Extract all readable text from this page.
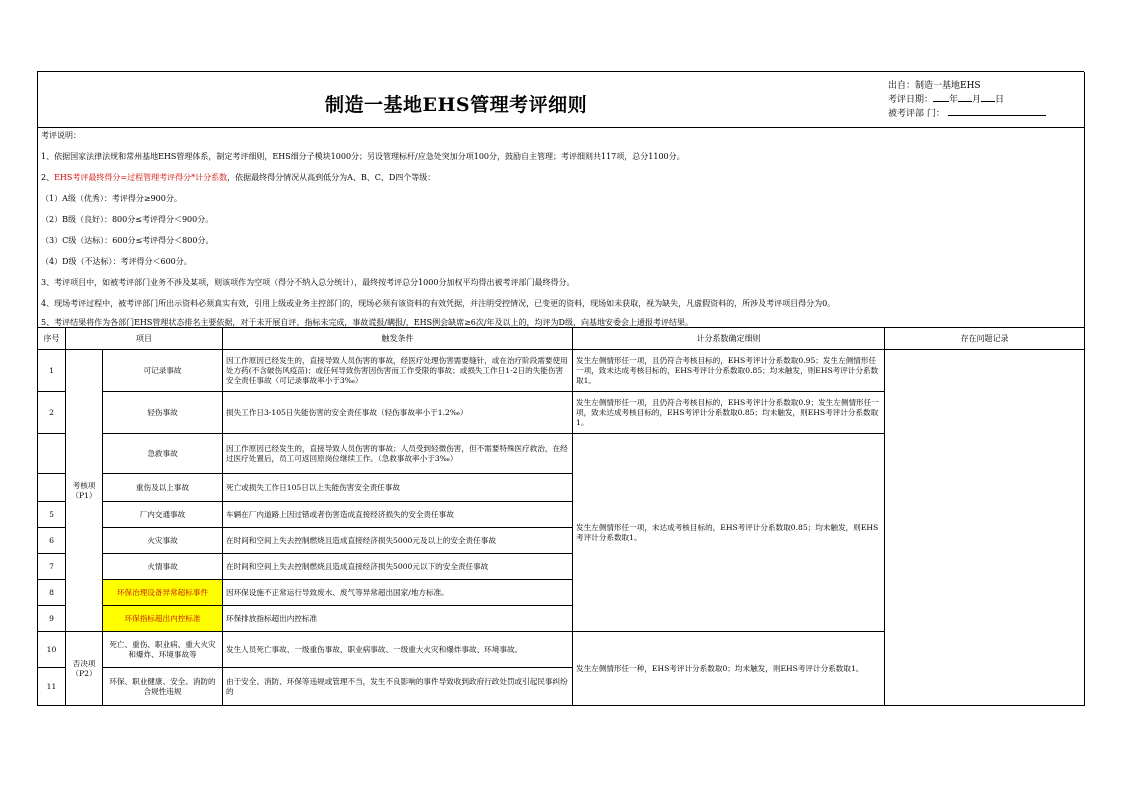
制造一基地EHS管理考评细则
出自：制造一基地EHS
考评日期： 年 月 日
被考评部 门：
考评说明：
1、依据国家法律法规和常州基地EHS管理体系，制定考评细则，EHS细分子模块1000分；另设管理标杆/应急处突加分项100分，鼓励自主管理；考评细则共117项，总分1100分。
2、EHS考评最终得分=过程管理考评得分*计分系数，依据最终得分情况从高到低分为A、B、C、D四个等级：
（1）A级（优秀）：考评得分≥900分。
（2）B级（良好）：800分≤考评得分＜900分。
（3）C级（达标）：600分≤考评得分＜800分。
（4）D级（不达标）：考评得分＜600分。
3、考评项目中，如被考评部门业务不涉及某项，则该项作为空项（得分不纳入总分统计），最终按考评总分1000分加权平均得出被考评部门最终得分。
4、现场考评过程中，被考评部门所出示资料必须真实有效，引用上级或业务主控部门的，现场必须有该资料的有效凭据，并注明受控情况，已变更的资料，现场如未获取，视为缺失，凡虚假资料的，所涉及考评项目得分为0。
5、考评结果将作为各部门EHS管理状态排名主要依据，对于未开展自评、指标未完成，事故谎报/瞒报/，EHS例会缺席≥6次/年及以上的，均评为D级，向基地安委会上通报考评结果。
序号	项目		触发条件	计分系数确定细则	存在问题记录
1	考核项（P1）	可记录事故	因工作原因已经发生的，直接导致人员伤害的事故，经医疗处理伤害需要缝针，或在治疗阶段需要使用处方药(不含破伤风疫苗)；或任何导致伤害因伤害而工作受限的事故；或损失工作日1-2日的失能伤害安全责任事故（可记录事故率小于3‰）	发生左侧情形任一项，且仍符合考核目标的，EHS考评计分系数取0.95；发生左侧情形任一项，致未达成考核目标的，EHS考评计分系数取0.85；均未触发，则EHS考评计分系数取1。	
2		轻伤事故	损失工作日3-105日失能伤害的安全责任事故（轻伤事故率小于1.2‰）	发生左侧情形任一项，且仍符合考核目标的，EHS考评计分系数取0.9；发生左侧情形任一项，致未达成考核目标的，EHS考评计分系数取0.85；均未触发，则EHS考评计分系数取1。	
		急救事故	因工作原因已经发生的，直接导致人员伤害的事故；人员受到轻微伤害，但不需要特殊医疗救治，在经过医疗处置后，员工可返回原岗位继续工作。（急救事故率小于3‰）	发生左侧情形任一项，未达成考核目标的，EHS考评计分系数取0.85；均未触发，则EHS考评计分系数取1。	
		重伤及以上事故	死亡或损失工作日105日以上失能伤害安全责任事故		
5		厂内交通事故	车辆在厂内道路上因过错或者伤害造成直接经济损失的安全责任事故		
6		火灾事故	在时间和空间上失去控制燃烧且造成直接经济损失5000元及以上的安全责任事故		
7		火情事故	在时间和空间上失去控制燃烧且造成直接经济损失5000元以下的安全责任事故		
8		环保治理设备异常超标事件	因环保设施不正常运行导致废水、废气等异常超出国家/地方标准。		
9		环保指标超出内控标准	环保排放指标超出内控标准		
10	否决项（P2）	死亡、重伤、职业病、重大火灾和爆炸、环境事故等	发生人员死亡事故、一级重伤事故、职业病事故、一级重大火灾和爆炸事故、环境事故。	发生左侧情形任一种，EHS考评计分系数取0；均未触发，则EHS考评计分系数取1。	
11		环保、职业健康、安全、消防的合规性违规	由于安全、消防、环保等违规或管理不当，发生不良影响的事件导致收到政府行政处罚或引起民事纠纷的		
